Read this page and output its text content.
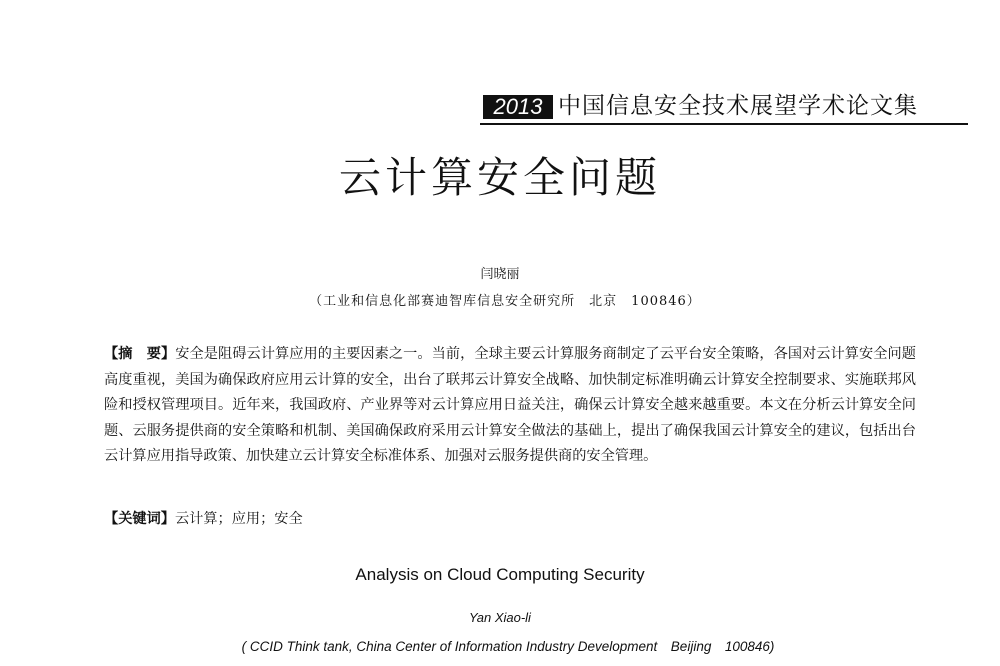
2013 中国信息安全技术展望学术论文集
云计算安全问题
闫晓丽
（工业和信息化部赛迪智库信息安全研究所　北京　100846）
【摘　要】安全是阻碍云计算应用的主要因素之一。当前，全球主要云计算服务商制定了云平台安全策略，各国对云计算安全问题高度重视，美国为确保政府应用云计算的安全，出台了联邦云计算安全战略、加快制定标准明确云计算安全控制要求、实施联邦风险和授权管理项目。近年来，我国政府、产业界等对云计算应用日益关注，确保云计算安全越来越重要。本文在分析云计算安全问题、云服务提供商的安全策略和机制、美国确保政府采用云计算安全做法的基础上，提出了确保我国云计算安全的建议，包括出台云计算应用指导政策、加快建立云计算安全标准体系、加强对云服务提供商的安全管理。
【关键词】云计算；应用；安全
Analysis on Cloud Computing Security
Yan Xiao-li
( CCID Think tank, China Center of Information Industry Development　Beijing　100846)
